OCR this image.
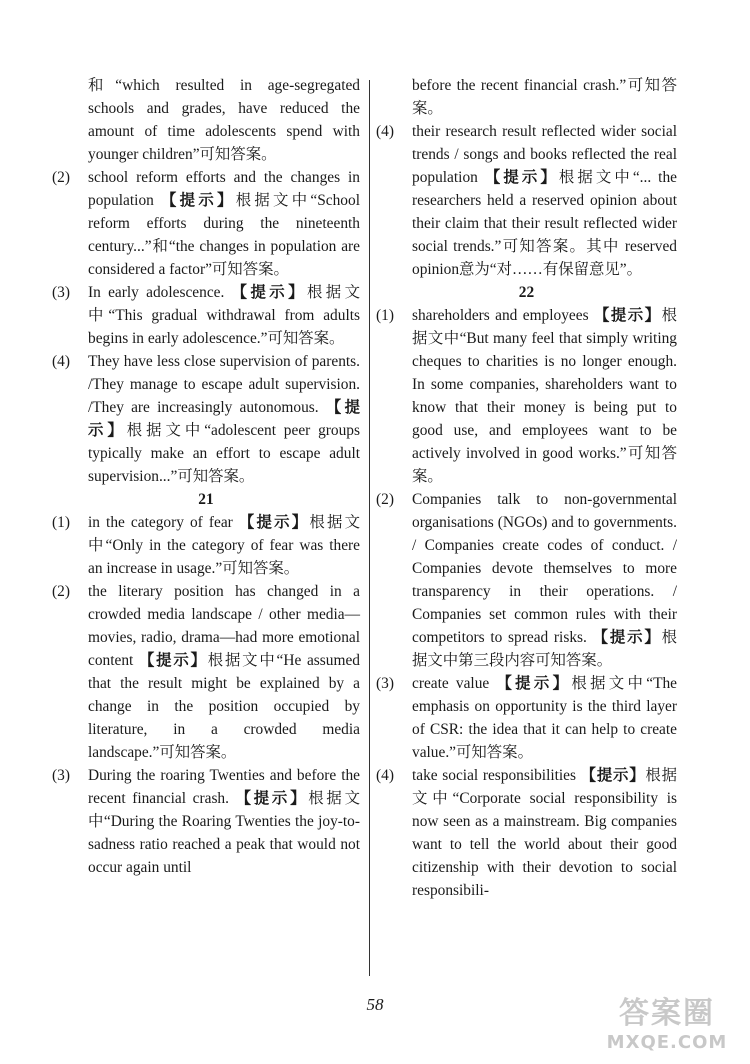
和“which resulted in age-segregated schools and grades, have reduced the amount of time adolescents spend with younger children”可知答案。
(2) school reform efforts and the changes in population 【提示】根据文中“School reform efforts during the nineteenth century...”和“the changes in population are considered a factor”可知答案。
(3) In early adolescence. 【提示】根据文中“This gradual withdrawal from adults begins in early adolescence.”可知答案。
(4) They have less close supervision of parents. /They manage to escape adult supervision. /They are increasingly autonomous. 【提示】根据文中“adolescent peer groups typically make an effort to escape adult supervision...”可知答案。
21
(1) in the category of fear 【提示】根据文中“Only in the category of fear was there an increase in usage.”可知答案。
(2) the literary position has changed in a crowded media landscape / other media—movies, radio, drama—had more emotional content 【提示】根据文中“He assumed that the result might be explained by a change in the position occupied by literature, in a crowded media landscape.”可知答案。
(3) During the roaring Twenties and before the recent financial crash. 【提示】根据文中“During the Roaring Twenties the joy-to-sadness ratio reached a peak that would not occur again until
before the recent financial crash.”可知答案。
(4) their research result reflected wider social trends / songs and books reflected the real population 【提示】根据文中“... the researchers held a reserved opinion about their claim that their result reflected wider social trends.”可知答案。其中 reserved opinion意为“对……有保留意见”。
22
(1) shareholders and employees 【提示】根据文中“But many feel that simply writing cheques to charities is no longer enough. In some companies, shareholders want to know that their money is being put to good use, and employees want to be actively involved in good works.”可知答案。
(2) Companies talk to non-governmental organisations (NGOs) and to governments. / Companies create codes of conduct. / Companies devote themselves to more transparency in their operations. / Companies set common rules with their competitors to spread risks. 【提示】根据文中第三段内容可知答案。
(3) create value 【提示】根据文中“The emphasis on opportunity is the third layer of CSR: the idea that it can help to create value.”可知答案。
(4) take social responsibilities 【提示】根据文中“Corporate social responsibility is now seen as a mainstream. Big companies want to tell the world about their good citizenship with their devotion to social responsibili-
58	答案圈
MXQE.COM
